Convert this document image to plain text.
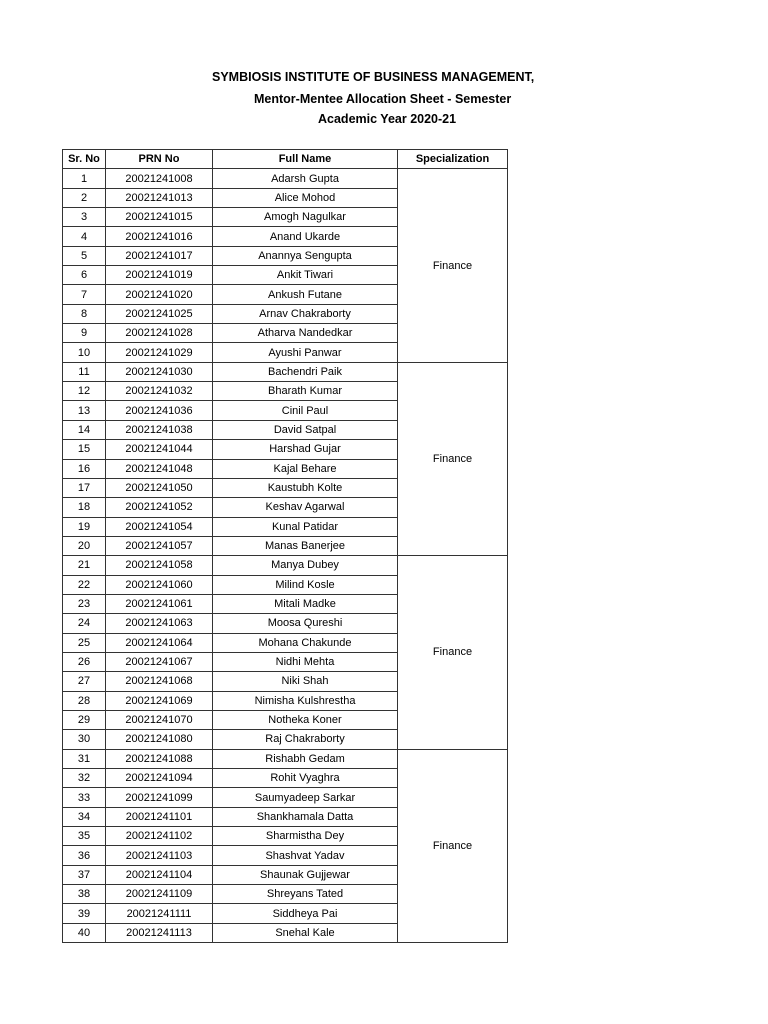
SYMBIOSIS INSTITUTE OF BUSINESS MANAGEMENT,
Mentor-Mentee Allocation Sheet - Semester
Academic Year 2020-21
Sr. No	PRN No	Full Name	Specialization
1	20021241008	Adarsh Gupta	Finance
2	20021241013	Alice Mohod	
3	20021241015	Amogh Nagulkar	
4	20021241016	Anand Ukarde	
5	20021241017	Anannya Sengupta	
6	20021241019	Ankit Tiwari	
7	20021241020	Ankush Futane	
8	20021241025	Arnav Chakraborty	
9	20021241028	Atharva Nandedkar	
10	20021241029	Ayushi Panwar	
11	20021241030	Bachendri Paik	Finance
12	20021241032	Bharath Kumar	
13	20021241036	Cinil Paul	
14	20021241038	David Satpal	
15	20021241044	Harshad Gujar	
16	20021241048	Kajal Behare	
17	20021241050	Kaustubh Kolte	
18	20021241052	Keshav Agarwal	
19	20021241054	Kunal Patidar	
20	20021241057	Manas Banerjee	
21	20021241058	Manya Dubey	Finance
22	20021241060	Milind Kosle	
23	20021241061	Mitali Madke	
24	20021241063	Moosa Qureshi	
25	20021241064	Mohana Chakunde	
26	20021241067	Nidhi Mehta	
27	20021241068	Niki Shah	
28	20021241069	Nimisha Kulshrestha	
29	20021241070	Notheka Koner	
30	20021241080	Raj Chakraborty	
31	20021241088	Rishabh Gedam	Finance
32	20021241094	Rohit Vyaghra	
33	20021241099	Saumyadeep Sarkar	
34	20021241101	Shankhamala Datta	
35	20021241102	Sharmistha Dey	
36	20021241103	Shashvat Yadav	
37	20021241104	Shaunak Gujjewar	
38	20021241109	Shreyans Tated	
39	20021241111	Siddheya Pai	
40	20021241113	Snehal Kale	
